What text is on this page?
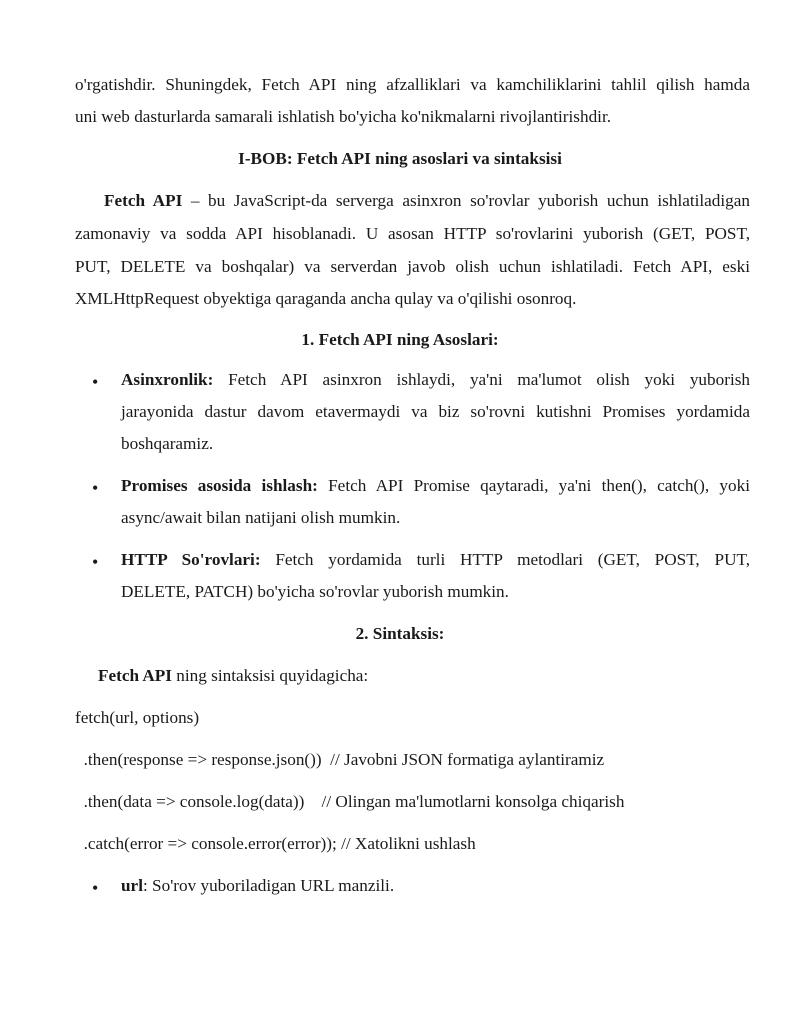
o'rgatishdir. Shuningdek, Fetch API ning afzalliklari va kamchiliklarini tahlil qilish hamda
uni web dasturlarda samarali ishlatish bo'yicha ko'nikmalarni rivojlantirishdir.
I-BOB: Fetch API ning asoslari va sintaksisi
Fetch API – bu JavaScript-da serverga asinxron so'rovlar yuborish uchun ishlatiladigan
zamonaviy va sodda API hisoblanadi. U asosan HTTP so'rovlarini yuborish (GET, POST,
PUT, DELETE va boshqalar) va serverdan javob olish uchun ishlatiladi. Fetch API, eski
XMLHttpRequest obyektiga qaraganda ancha qulay va o'qilishi osonroq.
1. Fetch API ning Asoslari:
• Asinxronlik: Fetch API asinxron ishlaydi, ya'ni ma'lumot olish yoki yuborish
jarayonida dastur davom etavermaydi va biz so'rovni kutishni Promises yordamida
boshqaramiz.
• Promises asosida ishlash: Fetch API Promise qaytaradi, ya'ni then(), catch(), yoki
async/await bilan natijani olish mumkin.
• HTTP So'rovlari: Fetch yordamida turli HTTP metodlari (GET, POST, PUT,
DELETE, PATCH) bo'yicha so'rovlar yuborish mumkin.
2. Sintaksis:
Fetch API ning sintaksisi quyidagicha:
fetch(url, options)
.then(response => response.json())  // Javobni JSON formatiga aylantiramiz
.then(data => console.log(data))    // Olingan ma'lumotlarni konsolga chiqarish
.catch(error => console.error(error)); // Xatolikni ushlash
• url: So'rov yuboriladigan URL manzili.
